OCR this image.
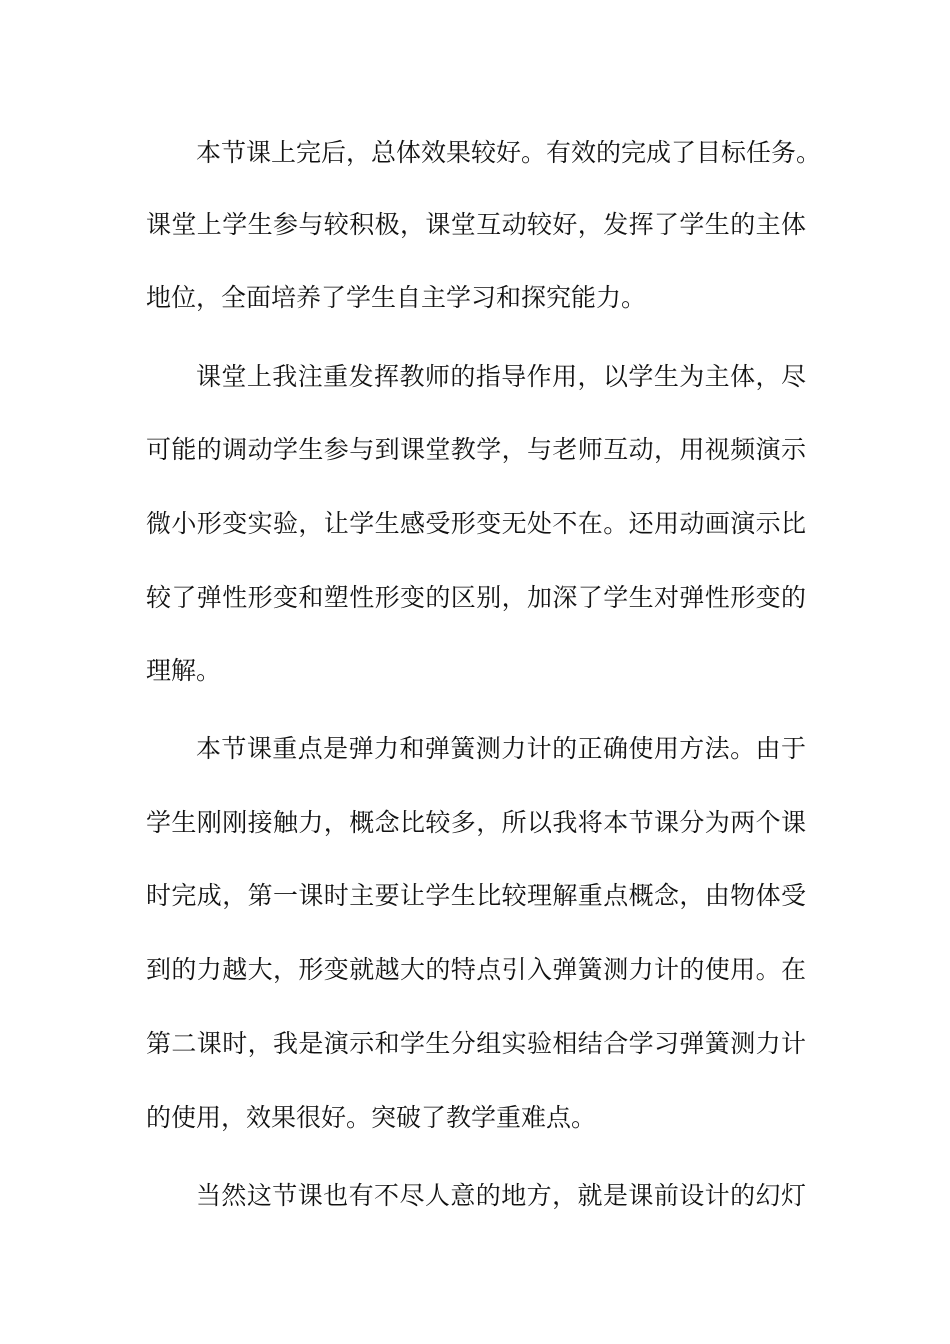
本节课上完后，总体效果较好。有效的完成了目标任务。
课堂上学生参与较积极，课堂互动较好，发挥了学生的主体
地位，全面培养了学生自主学习和探究能力。
课堂上我注重发挥教师的指导作用，以学生为主体，尽
可能的调动学生参与到课堂教学，与老师互动，用视频演示
微小形变实验，让学生感受形变无处不在。还用动画演示比
较了弹性形变和塑性形变的区别，加深了学生对弹性形变的
理解。
本节课重点是弹力和弹簧测力计的正确使用方法。由于
学生刚刚接触力，概念比较多，所以我将本节课分为两个课
时完成，第一课时主要让学生比较理解重点概念，由物体受
到的力越大，形变就越大的特点引入弹簧测力计的使用。在
第二课时，我是演示和学生分组实验相结合学习弹簧测力计
的使用，效果很好。突破了教学重难点。
当然这节课也有不尽人意的地方，就是课前设计的幻灯
